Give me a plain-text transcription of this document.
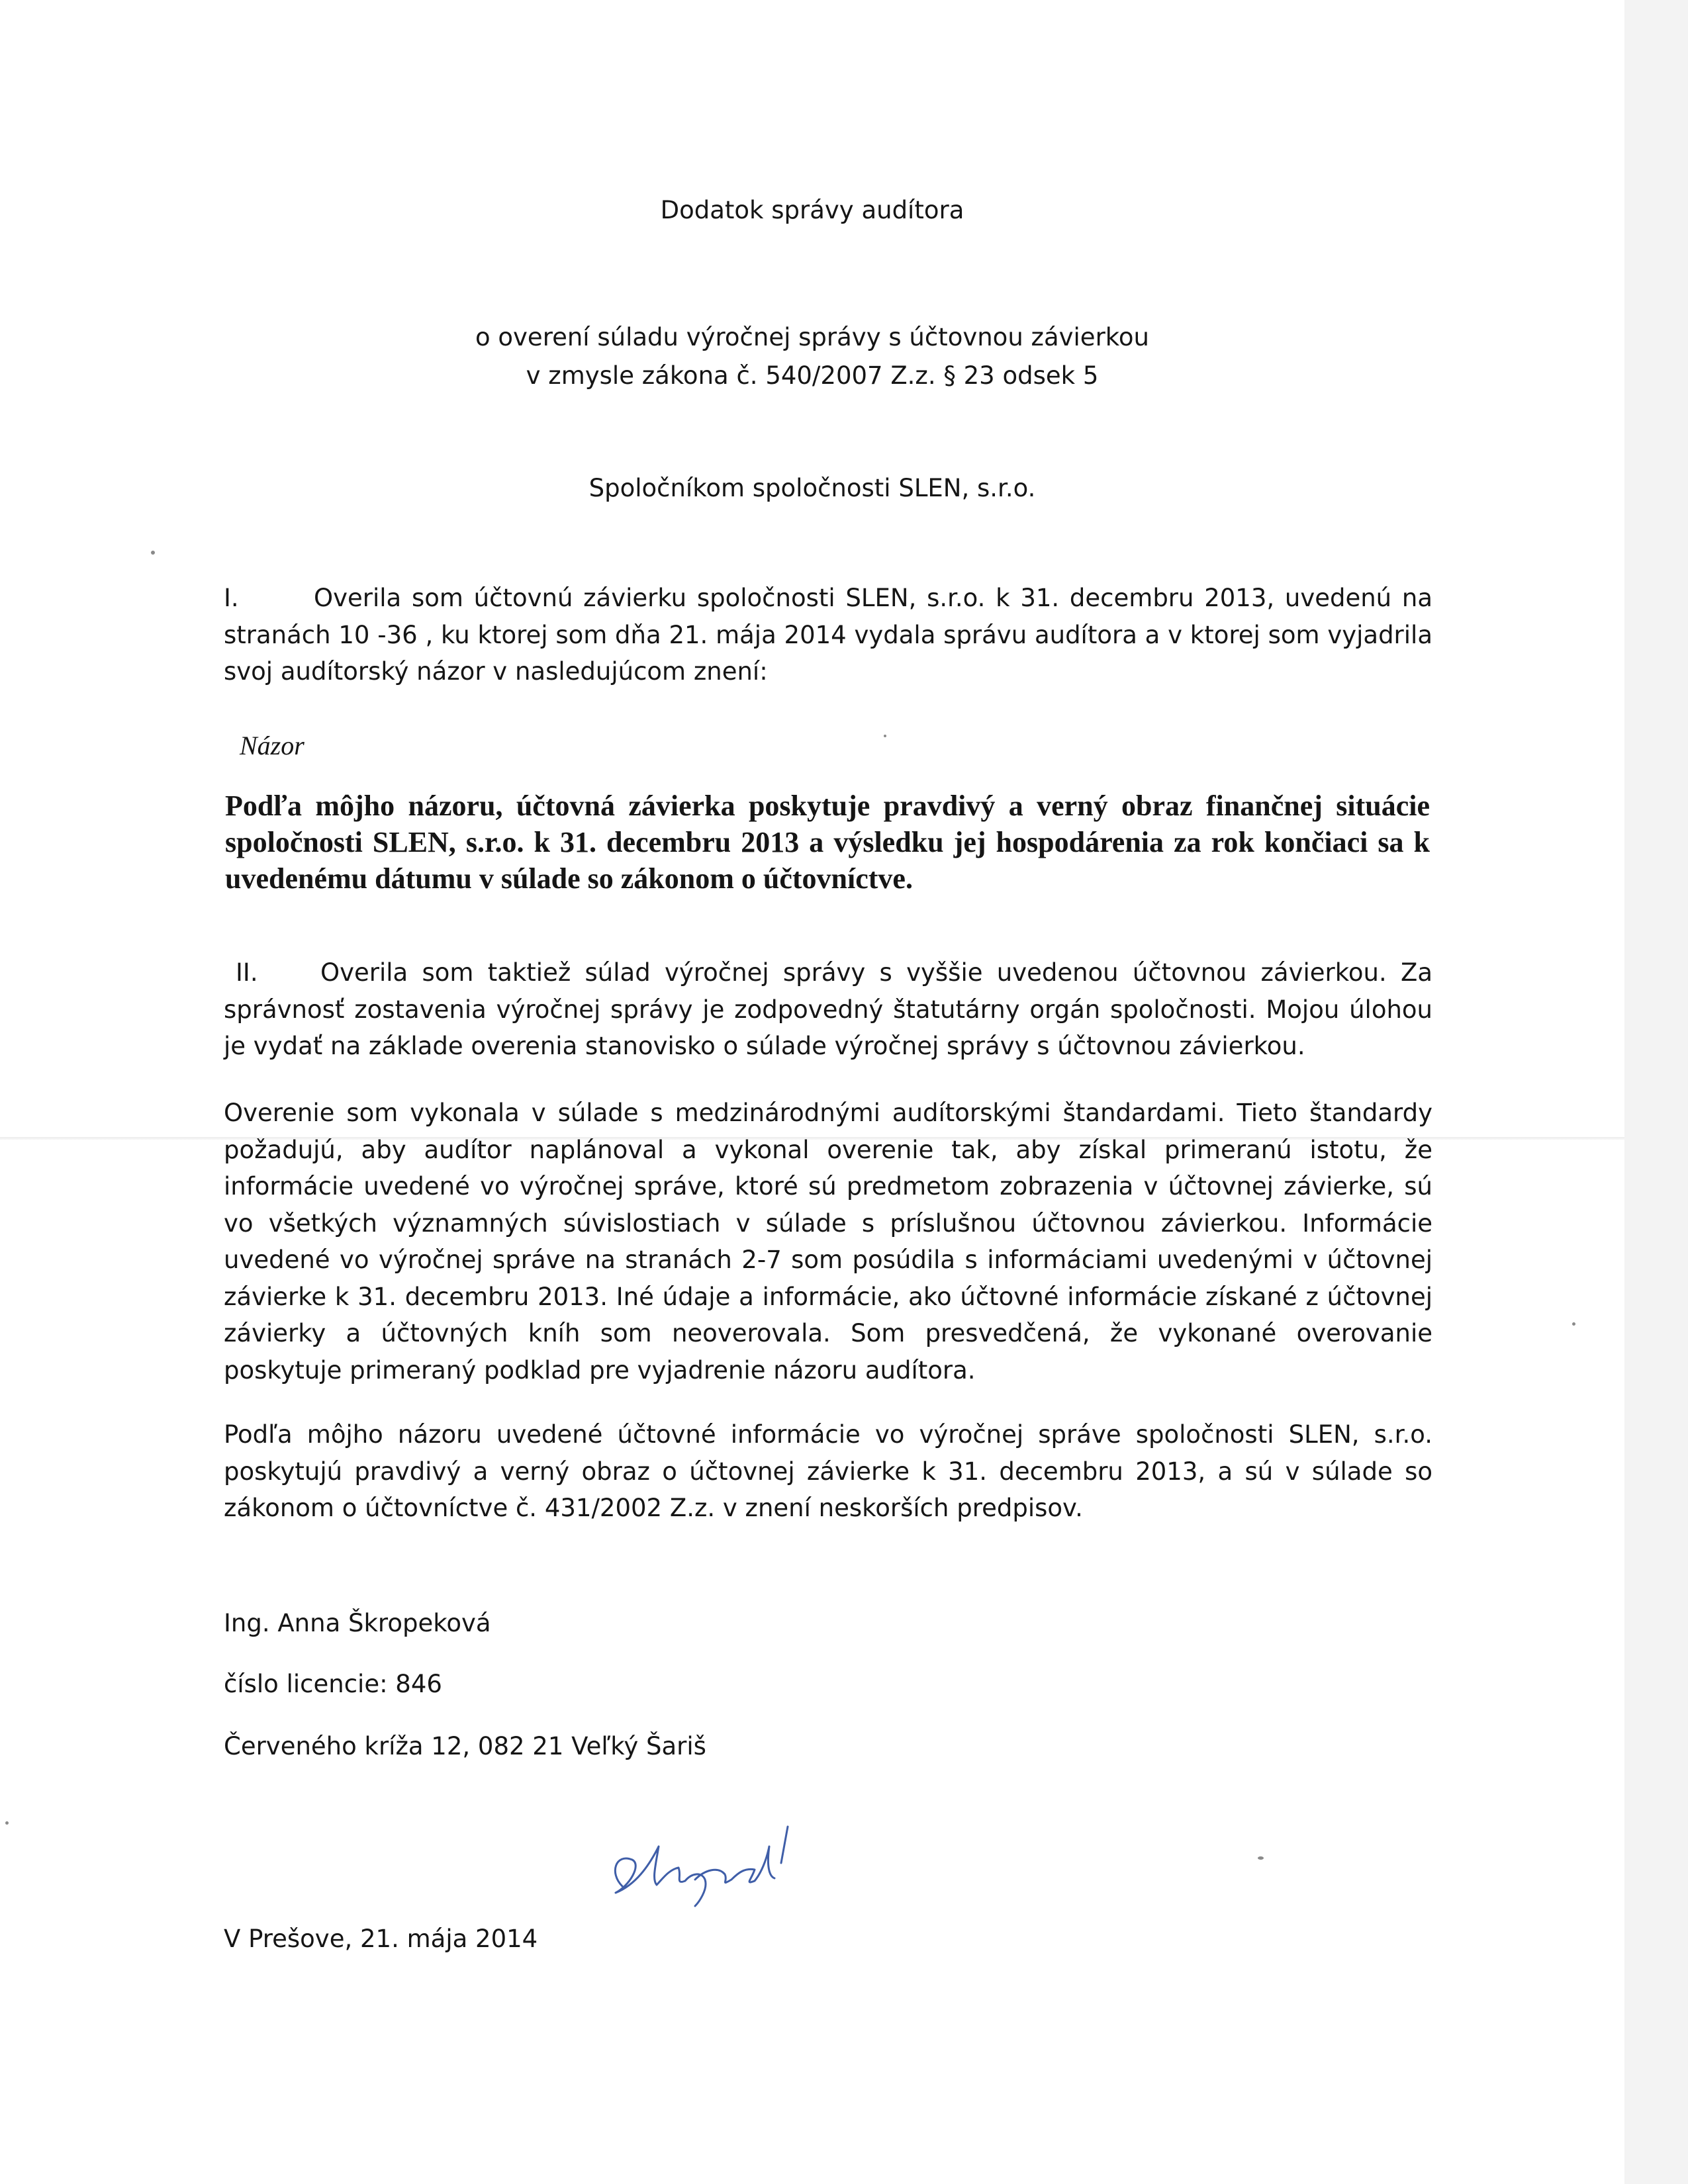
Dodatok správy audítora

o overení súladu výročnej správy s účtovnou závierkou

v zmysle zákona č. 540/2007 Z.z. § 23 odsek 5

Spoločníkom spoločnosti SLEN, s.r.o.

I.	Overila som účtovnú závierku spoločnosti SLEN, s.r.o. k 31. decembru 2013, uvedenú na stranách 10 -36 , ku ktorej som dňa 21. mája 2014 vydala správu audítora a v ktorej som vyjadrila svoj audítorský názor v nasledujúcom znení:

Názor

Podľa môjho názoru, účtovná závierka poskytuje pravdivý a verný obraz finančnej situácie spoločnosti SLEN, s.r.o. k 31. decembru 2013 a výsledku jej hospodárenia za rok končiaci sa k uvedenému dátumu v súlade so zákonom o účtovníctve.

II.	Overila som taktiež súlad výročnej správy s vyššie uvedenou účtovnou závierkou. Za správnosť zostavenia výročnej správy je zodpovedný štatutárny orgán spoločnosti. Mojou úlohou je vydať na základe overenia stanovisko o súlade výročnej správy s účtovnou závierkou.

Overenie som vykonala v súlade s medzinárodnými audítorskými štandardami. Tieto štandardy požadujú, aby audítor naplánoval a vykonal overenie tak, aby získal primeranú istotu, že informácie uvedené vo výročnej správe, ktoré sú predmetom zobrazenia v účtovnej závierke, sú vo všetkých významných súvislostiach v súlade s príslušnou účtovnou závierkou. Informácie uvedené vo výročnej správe na stranách 2-7 som posúdila s informáciami uvedenými v účtovnej závierke k 31. decembru 2013. Iné údaje a informácie, ako účtovné informácie získané z účtovnej závierky a účtovných kníh som neoverovala. Som presvedčená, že vykonané overovanie poskytuje primeraný podklad pre vyjadrenie názoru audítora.

Podľa môjho názoru uvedené účtovné informácie vo výročnej správe spoločnosti SLEN, s.r.o. poskytujú pravdivý a verný obraz o účtovnej závierke k 31. decembru 2013, a sú v súlade so zákonom o účtovníctve č. 431/2002 Z.z. v znení neskorších predpisov.

Ing. Anna Škropeková

číslo licencie: 846

Červeného kríža 12, 082 21 Veľký Šariš

V Prešove, 21. mája 2014
